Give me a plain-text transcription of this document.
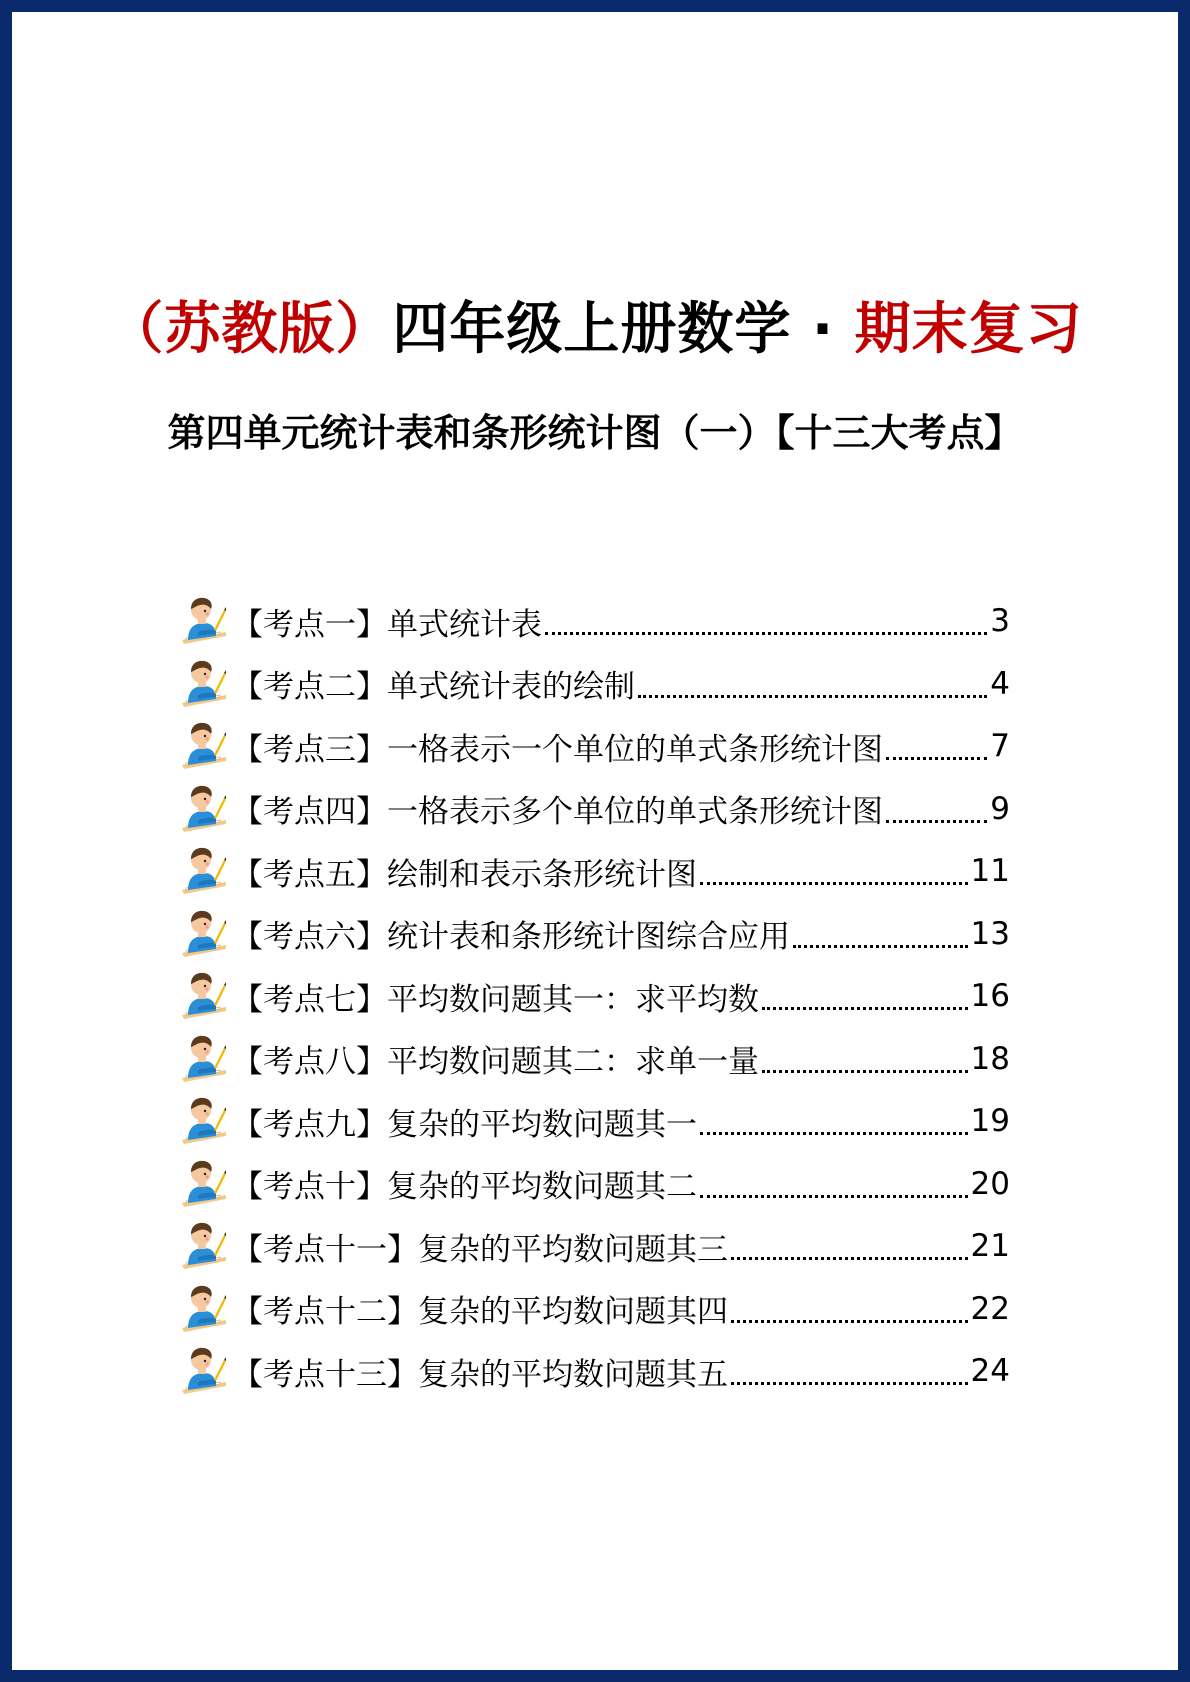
（苏教版）四年级上册数学 · 期末复习
第四单元统计表和条形统计图（一）【十三大考点】
【考点一】单式统计表	3
【考点二】单式统计表的绘制	4
【考点三】一格表示一个单位的单式条形统计图	7
【考点四】一格表示多个单位的单式条形统计图	9
【考点五】绘制和表示条形统计图	11
【考点六】统计表和条形统计图综合应用	13
【考点七】平均数问题其一：求平均数	16
【考点八】平均数问题其二：求单一量	18
【考点九】复杂的平均数问题其一	19
【考点十】复杂的平均数问题其二	20
【考点十一】复杂的平均数问题其三	21
【考点十二】复杂的平均数问题其四	22
【考点十三】复杂的平均数问题其五	24
